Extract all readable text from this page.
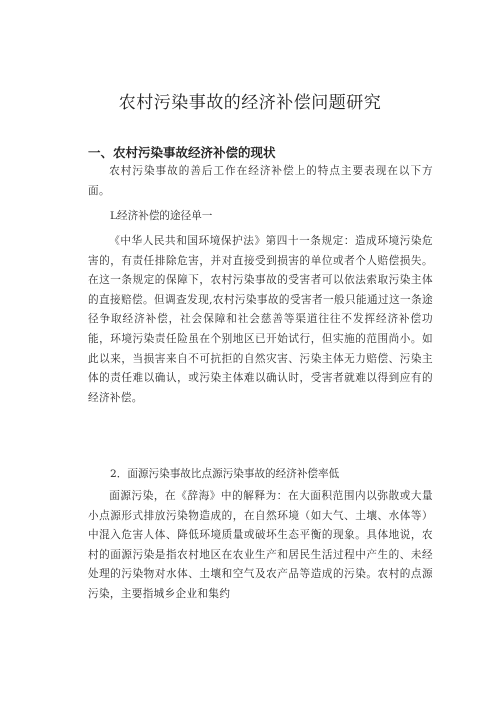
农村污染事故的经济补偿问题研究
一、农村污染事故经济补偿的现状
农村污染事故的善后工作在经济补偿上的特点主要表现在以下方面。
L经济补偿的途径单一
《中华人民共和国环境保护法》第四十一条规定：造成环境污染危害的，有责任排除危害，并对直接受到损害的单位或者个人赔偿损失。在这一条规定的保障下，农村污染事故的受害者可以依法索取污染主体的直接赔偿。但调查发现,农村污染事故的受害者一般只能通过这一条途径争取经济补偿，社会保障和社会慈善等渠道往往不发挥经济补偿功能，环境污染责任险虽在个别地区已开始试行，但实施的范围尚小。如此以来，当损害来自不可抗拒的自然灾害、污染主体无力赔偿、污染主体的责任难以确认，或污染主体难以确认时，受害者就难以得到应有的经济补偿。
2．面源污染事故比点源污染事故的经济补偿率低
面源污染，在《辞海》中的解释为：在大面积范围内以弥散或大量小点源形式排放污染物造成的，在自然环境（如大气、土壤、水体等）中混入危害人体、降低环境质量或破坏生态平衡的现象。具体地说，农村的面源污染是指农村地区在农业生产和居民生活过程中产生的、未经处理的污染物对水体、土壤和空气及农产品等造成的污染。农村的点源污染，主要指城乡企业和集约
